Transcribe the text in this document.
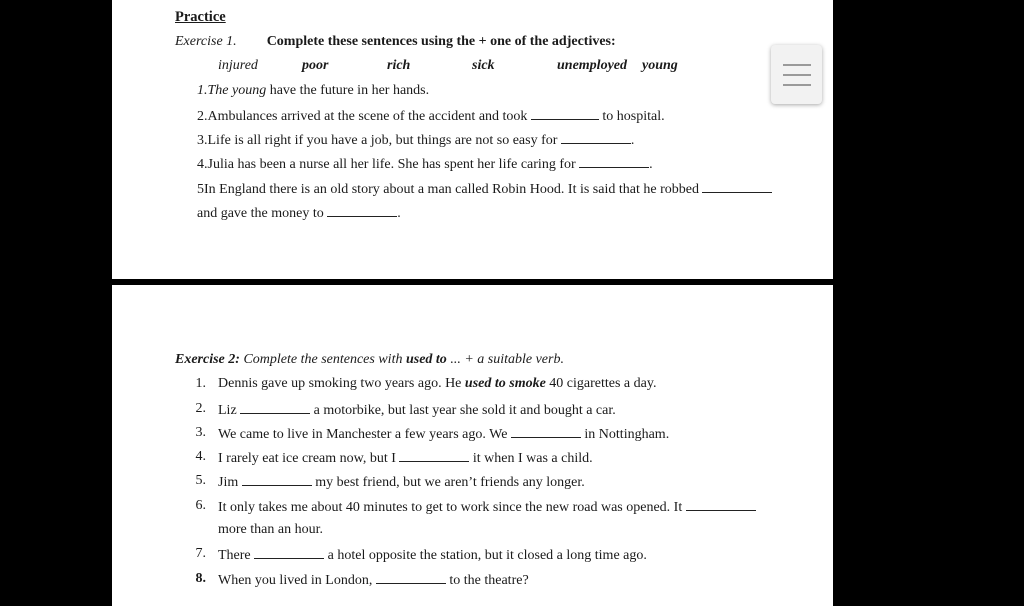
Practice
Exercise 1. Complete these sentences using the + one of the adjectives:
injured	poor	rich	sick	unemployed young
1.The young have the future in her hands.
2.Ambulances arrived at the scene of the accident and took	to hospital.
3.Life is all right if you have a job, but things are not so easy for	.
4.Julia has been a nurse all her life. She has spent her life caring for	.
5In England there is an old story about a man called Robin Hood. It is said that he robbed
and gave the money to	.
Exercise 2: Complete the sentences with used to ... + a suitable verb.
1. Dennis gave up smoking two years ago. He used to smoke 40 cigarettes a day.
2. Liz	a motorbike, but last year she sold it and bought a car.
3. We came to live in Manchester a few years ago. We	in Nottingham.
4. I rarely eat ice cream now, but I	it when I was a child.
5. Jim	my best friend, but we aren’t friends any longer.
6. It only takes me about 40 minutes to get to work since the new road was opened. It
more than an hour.
7. There	a hotel opposite the station, but it closed a long time ago.
8. When you lived in London,	to the theatre?
